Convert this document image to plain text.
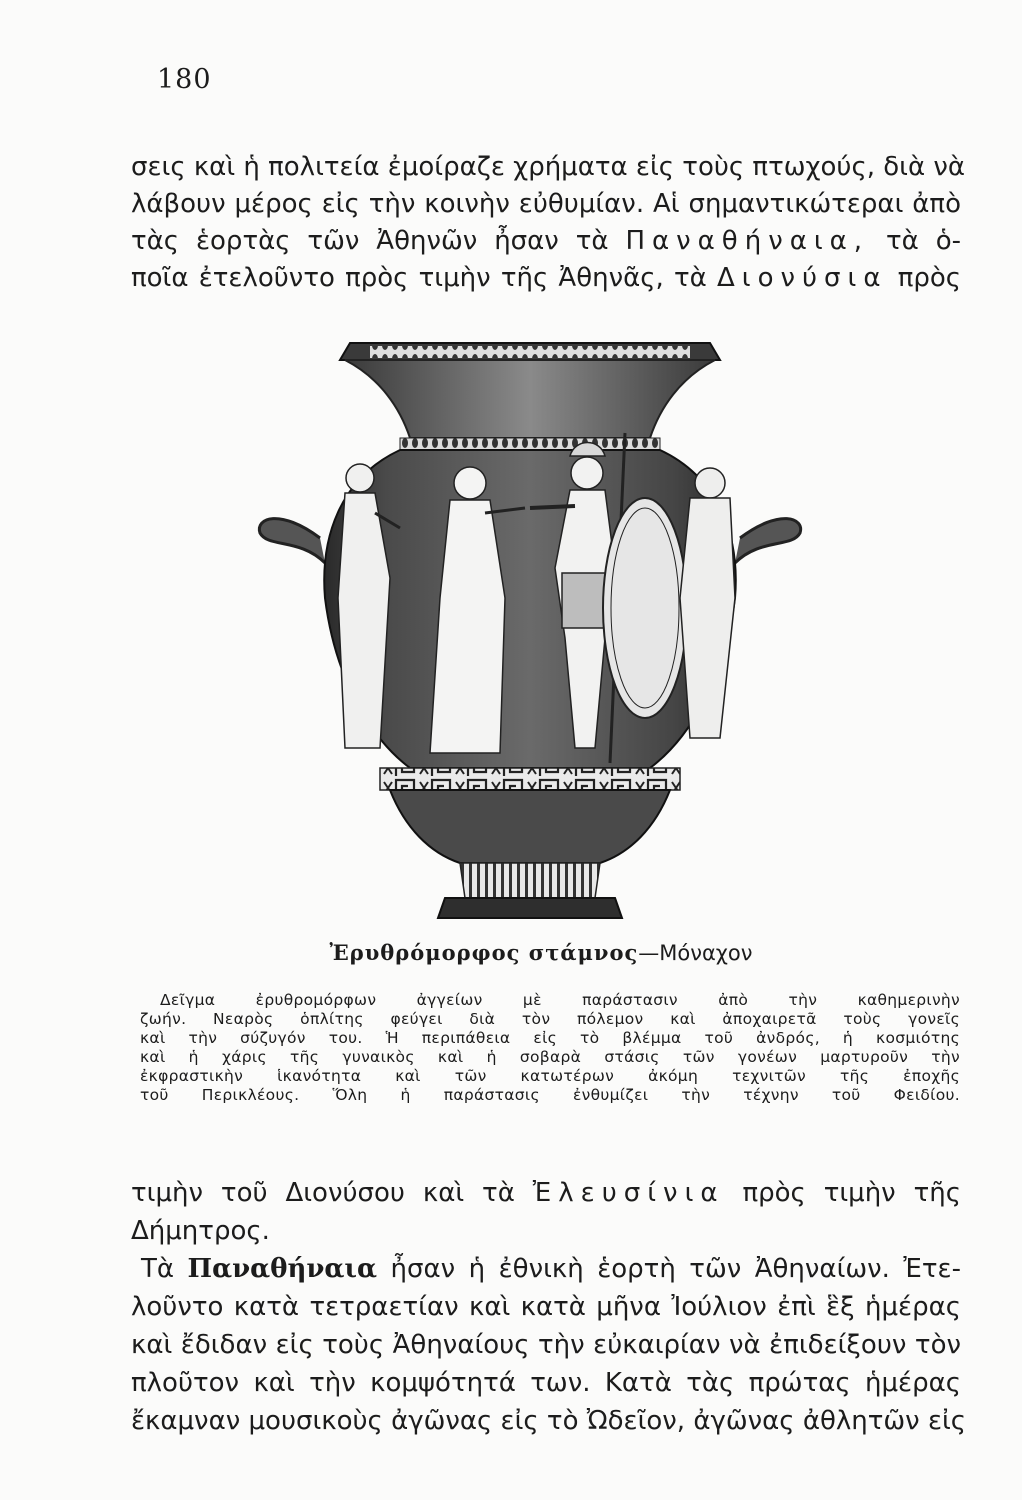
180
σεις καὶ ἡ πολιτεία ἐμοίραζε χρήματα εἰς τοὺς πτωχούς, διὰ νὰ
λάβουν μέρος εἰς τὴν κοινὴν εὐθυμίαν. Αἱ σημαντικώτεραι ἀπὸ
τὰς ἑορτὰς τῶν Ἀθηνῶν ἦσαν τὰ Παναθήναια, τὰ ὁ-
ποῖα ἐτελοῦντο πρὸς τιμὴν τῆς Ἀθηνᾶς, τὰ Διονύσια πρὸς
Ἐρυθρόμορφος στάμνος—Μόναχον
Δεῖγμα ἐρυθρομόρφων ἀγγείων μὲ παράστασιν ἀπὸ τὴν καθημερινὴν
ζωήν. Νεαρὸς ὁπλίτης φεύγει διὰ τὸν πόλεμον καὶ ἀποχαιρετᾶ τοὺς γονεῖς
καὶ τὴν σύζυγόν του. Ἡ περιπάθεια εἰς τὸ βλέμμα τοῦ ἀνδρός, ἡ κοσμιότης
καὶ ἡ χάρις τῆς γυναικὸς καὶ ἡ σοβαρὰ στάσις τῶν γονέων μαρτυροῦν τὴν
ἐκφραστικὴν ἱκανότητα καὶ τῶν κατωτέρων ἀκόμη τεχνιτῶν τῆς ἐποχῆς
τοῦ Περικλέους. Ὅλη ἡ παράστασις ἐνθυμίζει τὴν τέχνην τοῦ Φειδίου.
τιμὴν τοῦ Διονύσου καὶ τὰ Ἐλευσίνια πρὸς τιμὴν τῆς
Δήμητρος.
Τὰ Παναθήναια ἦσαν ἡ ἐθνικὴ ἑορτὴ τῶν Ἀθηναίων. Ἐτε-
λοῦντο κατὰ τετραετίαν καὶ κατὰ μῆνα Ἰούλιον ἐπὶ ἓξ ἡμέρας
καὶ ἔδιδαν εἰς τοὺς Ἀθηναίους τὴν εὐκαιρίαν νὰ ἐπιδείξουν τὸν
πλοῦτον καὶ τὴν κομψότητά των. Κατὰ τὰς πρώτας ἡμέρας
ἔκαμναν μουσικοὺς ἀγῶνας εἰς τὸ Ὠδεῖον, ἀγῶνας ἀθλητῶν εἰς
